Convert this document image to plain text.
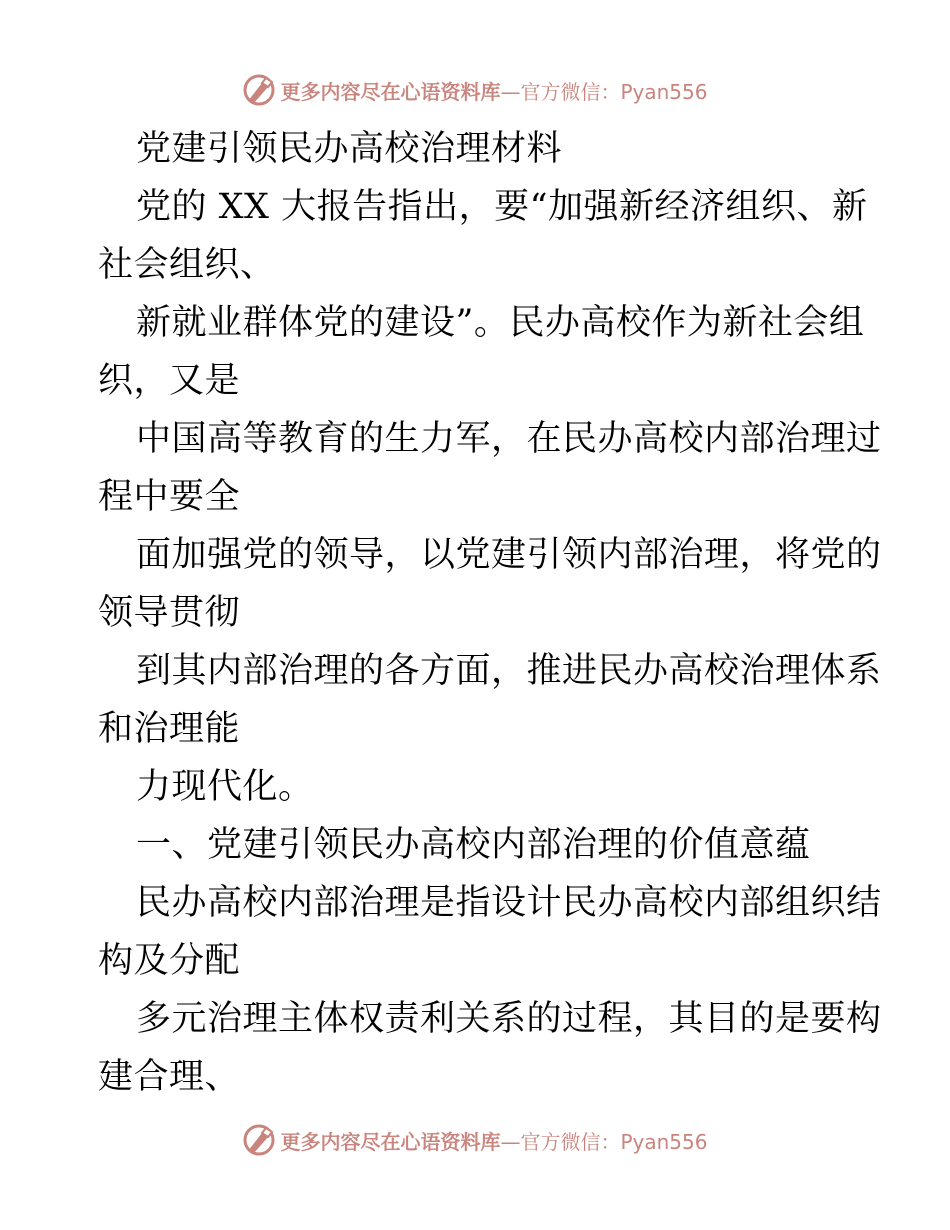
更多内容尽在心语资料库 —官方微信：Pyan556
党建引领民办高校治理材料
党的 XX 大报告指出，要“加强新经济组织、新
社会组织、
新就业群体党的建设”。民办高校作为新社会组
织，又是
中国高等教育的生力军，在民办高校内部治理过
程中要全
面加强党的领导，以党建引领内部治理，将党的
领导贯彻
到其内部治理的各方面，推进民办高校治理体系
和治理能
力现代化。
一、党建引领民办高校内部治理的价值意蕴
民办高校内部治理是指设计民办高校内部组织结
构及分配
多元治理主体权责利关系的过程，其目的是要构
建合理、
更多内容尽在心语资料库 —官方微信：Pyan556
